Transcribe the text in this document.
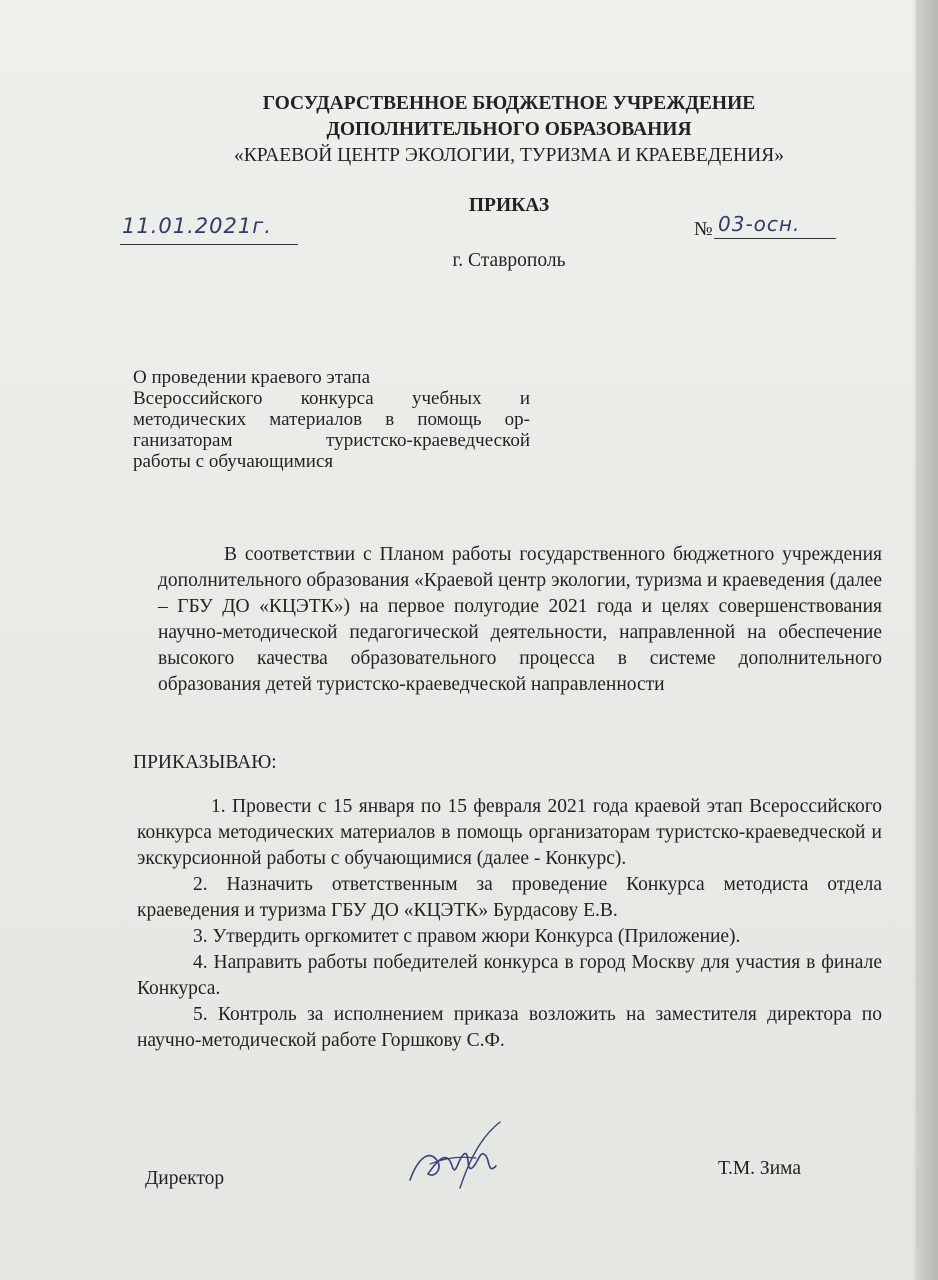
ГОСУДАРСТВЕННОЕ БЮДЖЕТНОЕ УЧРЕЖДЕНИЕ
ДОПОЛНИТЕЛЬНОГО ОБРАЗОВАНИЯ
«КРАЕВОЙ ЦЕНТР ЭКОЛОГИИ, ТУРИЗМА И КРАЕВЕДЕНИЯ»
ПРИКАЗ
11.01.2021г.	№ 03-осн.
г. Ставрополь
О проведении краевого этапа
Всероссийского конкурса учебных и
методических материалов в помощь ор-
ганизаторам туристско-краеведческой
работы с обучающимися
В соответствии с Планом работы государственного бюджетного учреждения дополнительного образования «Краевой центр экологии, туризма и краеведения (далее – ГБУ ДО «КЦЭТК») на первое полугодие 2021 года и целях совершенствования научно-методической педагогической деятельности, направленной на обеспечение высокого качества образовательного процесса в системе дополнительного образования детей туристско-краеведческой направленности
ПРИКАЗЫВАЮ:

1. Провести с 15 января по 15 февраля 2021 года краевой этап Всероссийского конкурса методических материалов в помощь организаторам туристско-краеведческой и экскурсионной работы с обучающимися (далее - Конкурс).

2. Назначить ответственным за проведение Конкурса методиста отдела краеведения и туризма ГБУ ДО «КЦЭТК» Бурдасову Е.В.

3. Утвердить оргкомитет с правом жюри Конкурса (Приложение).

4. Направить работы победителей конкурса в город Москву для участия в финале Конкурса.

5. Контроль за исполнением приказа возложить на заместителя директора по научно-методической работе Горшкову С.Ф.

Директор	Т.М. Зима
